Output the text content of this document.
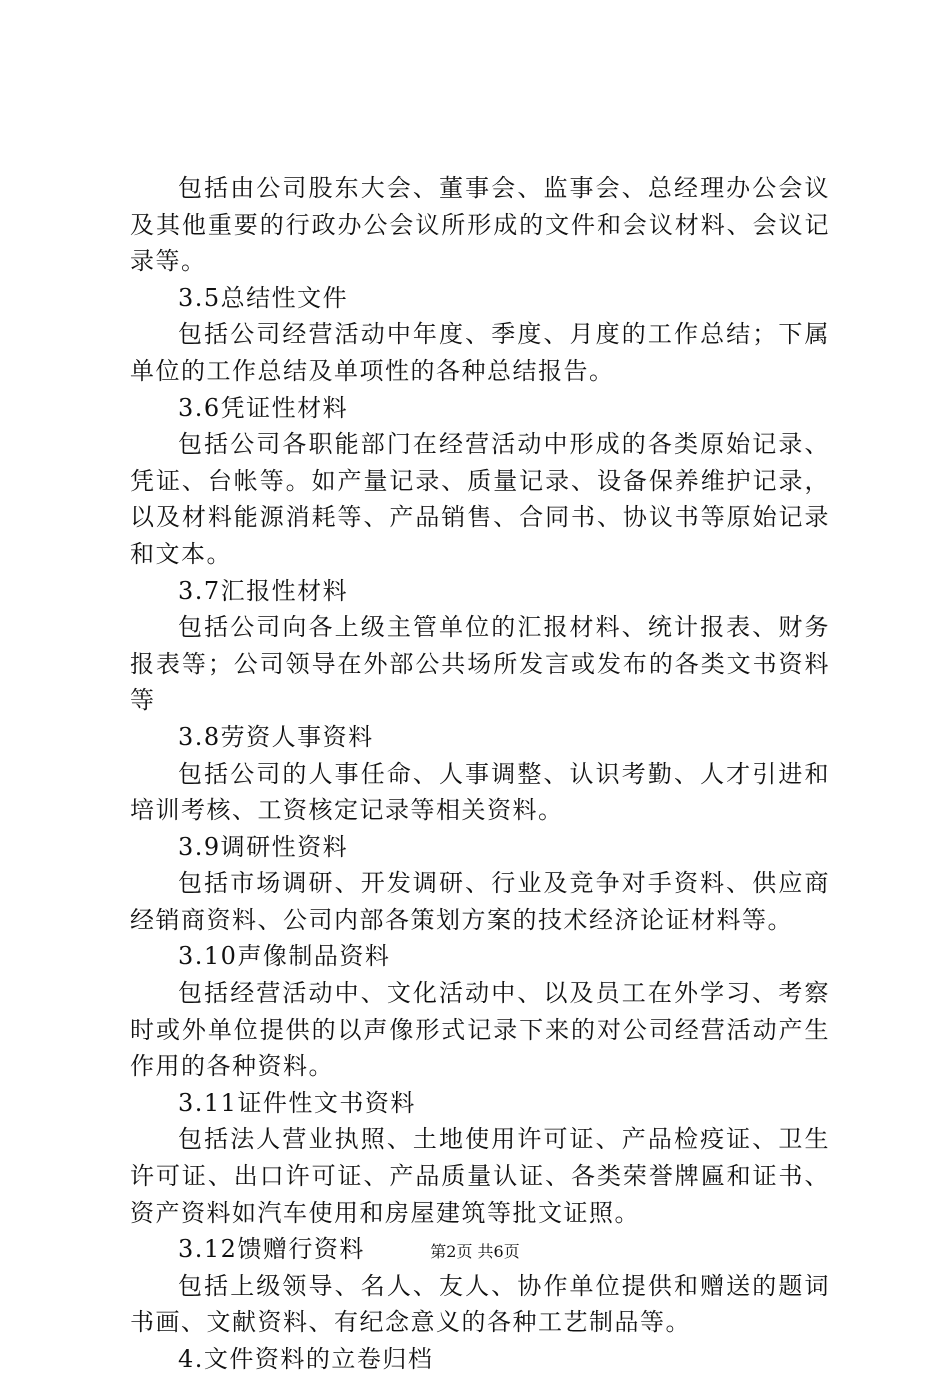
包括由公司股东大会、董事会、监事会、总经理办公会议及其他重要的行政办公会议所形成的文件和会议材料、会议记录等。

3.5总结性文件

包括公司经营活动中年度、季度、月度的工作总结；下属单位的工作总结及单项性的各种总结报告。

3.6凭证性材料

包括公司各职能部门在经营活动中形成的各类原始记录、凭证、台帐等。如产量记录、质量记录、设备保养维护记录，以及材料能源消耗等、产品销售、合同书、协议书等原始记录和文本。

3.7汇报性材料

包括公司向各上级主管单位的汇报材料、统计报表、财务报表等；公司领导在外部公共场所发言或发布的各类文书资料等

3.8劳资人事资料

包括公司的人事任命、人事调整、认识考勤、人才引进和培训考核、工资核定记录等相关资料。

3.9调研性资料

包括市场调研、开发调研、行业及竞争对手资料、供应商经销商资料、公司内部各策划方案的技术经济论证材料等。

3.10声像制品资料

包括经营活动中、文化活动中、以及员工在外学习、考察时或外单位提供的以声像形式记录下来的对公司经营活动产生作用的各种资料。

3.11证件性文书资料

包括法人营业执照、土地使用许可证、产品检疫证、卫生许可证、出口许可证、产品质量认证、各类荣誉牌匾和证书、资产资料如汽车使用和房屋建筑等批文证照。

3.12馈赠行资料

包括上级领导、名人、友人、协作单位提供和赠送的题词书画、文献资料、有纪念意义的各种工艺制品等。

4.文件资料的立卷归档

第2页 共6页
